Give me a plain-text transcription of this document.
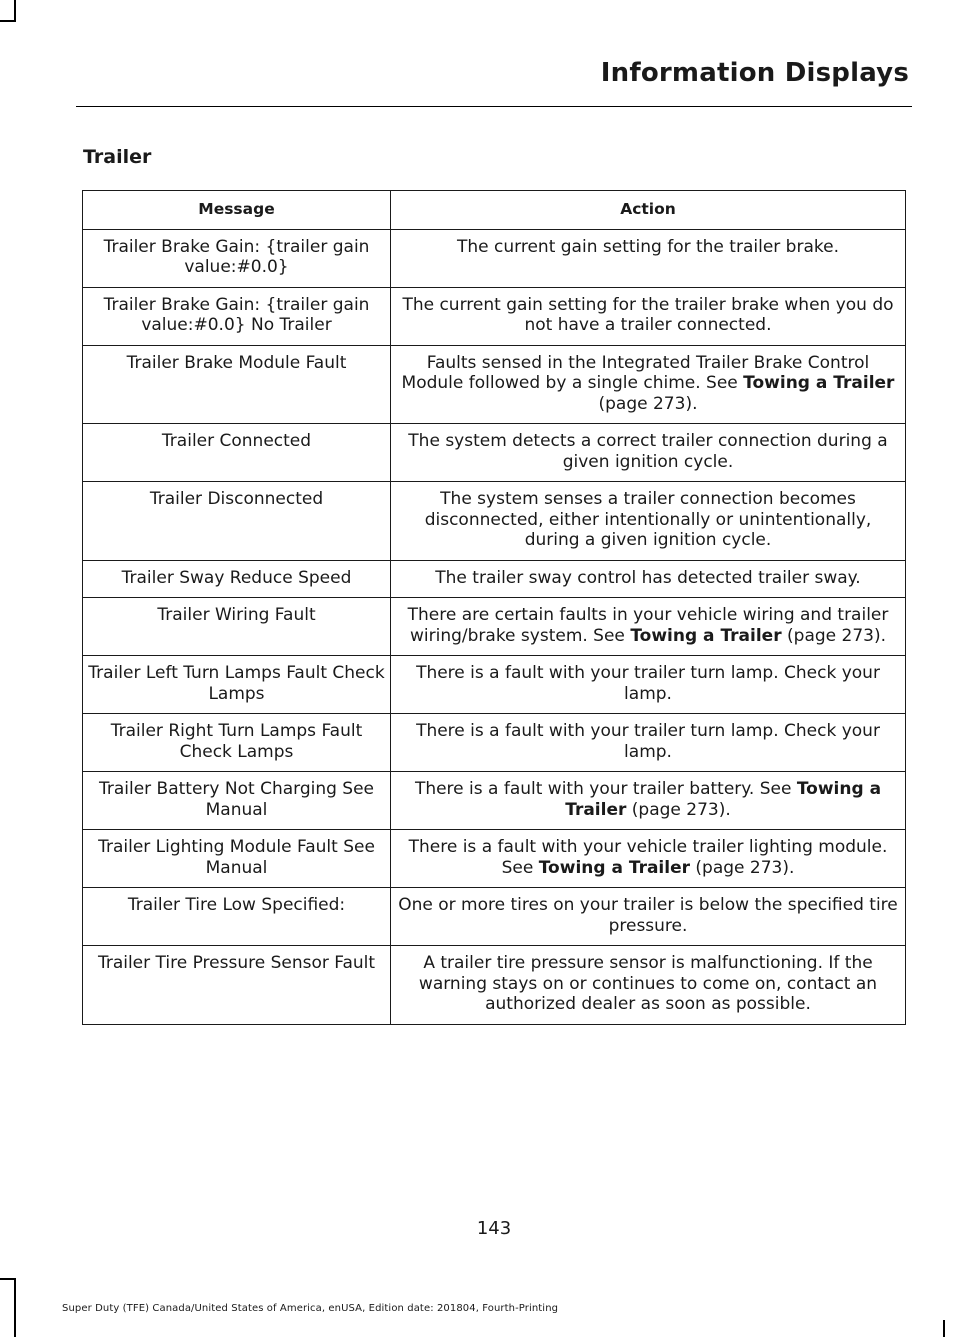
Information Displays
Trailer
Message	Action
Trailer Brake Gain: {trailer gain value:#0.0}	The current gain setting for the trailer brake.
Trailer Brake Gain: {trailer gain value:#0.0} No Trailer	The current gain setting for the trailer brake when you do not have a trailer connected.
Trailer Brake Module Fault	Faults sensed in the Integrated Trailer Brake Control Module followed by a single chime. See Towing a Trailer (page 273).
Trailer Connected	The system detects a correct trailer connection during a given ignition cycle.
Trailer Disconnected	The system senses a trailer connection becomes disconnected, either intentionally or unintentionally, during a given ignition cycle.
Trailer Sway Reduce Speed	The trailer sway control has detected trailer sway.
Trailer Wiring Fault	There are certain faults in your vehicle wiring and trailer wiring/brake system. See Towing a Trailer (page 273).
Trailer Left Turn Lamps Fault Check Lamps	There is a fault with your trailer turn lamp. Check your lamp.
Trailer Right Turn Lamps Fault Check Lamps	There is a fault with your trailer turn lamp. Check your lamp.
Trailer Battery Not Charging See Manual	There is a fault with your trailer battery. See Towing a Trailer (page 273).
Trailer Lighting Module Fault See Manual	There is a fault with your vehicle trailer lighting module. See Towing a Trailer (page 273).
Trailer Tire Low Specified:	One or more tires on your trailer is below the specified tire pressure.
Trailer Tire Pressure Sensor Fault	A trailer tire pressure sensor is malfunctioning. If the warning stays on or continues to come on, contact an authorized dealer as soon as possible.
143
Super Duty (TFE) Canada/United States of America, enUSA, Edition date: 201804, Fourth-Printing
